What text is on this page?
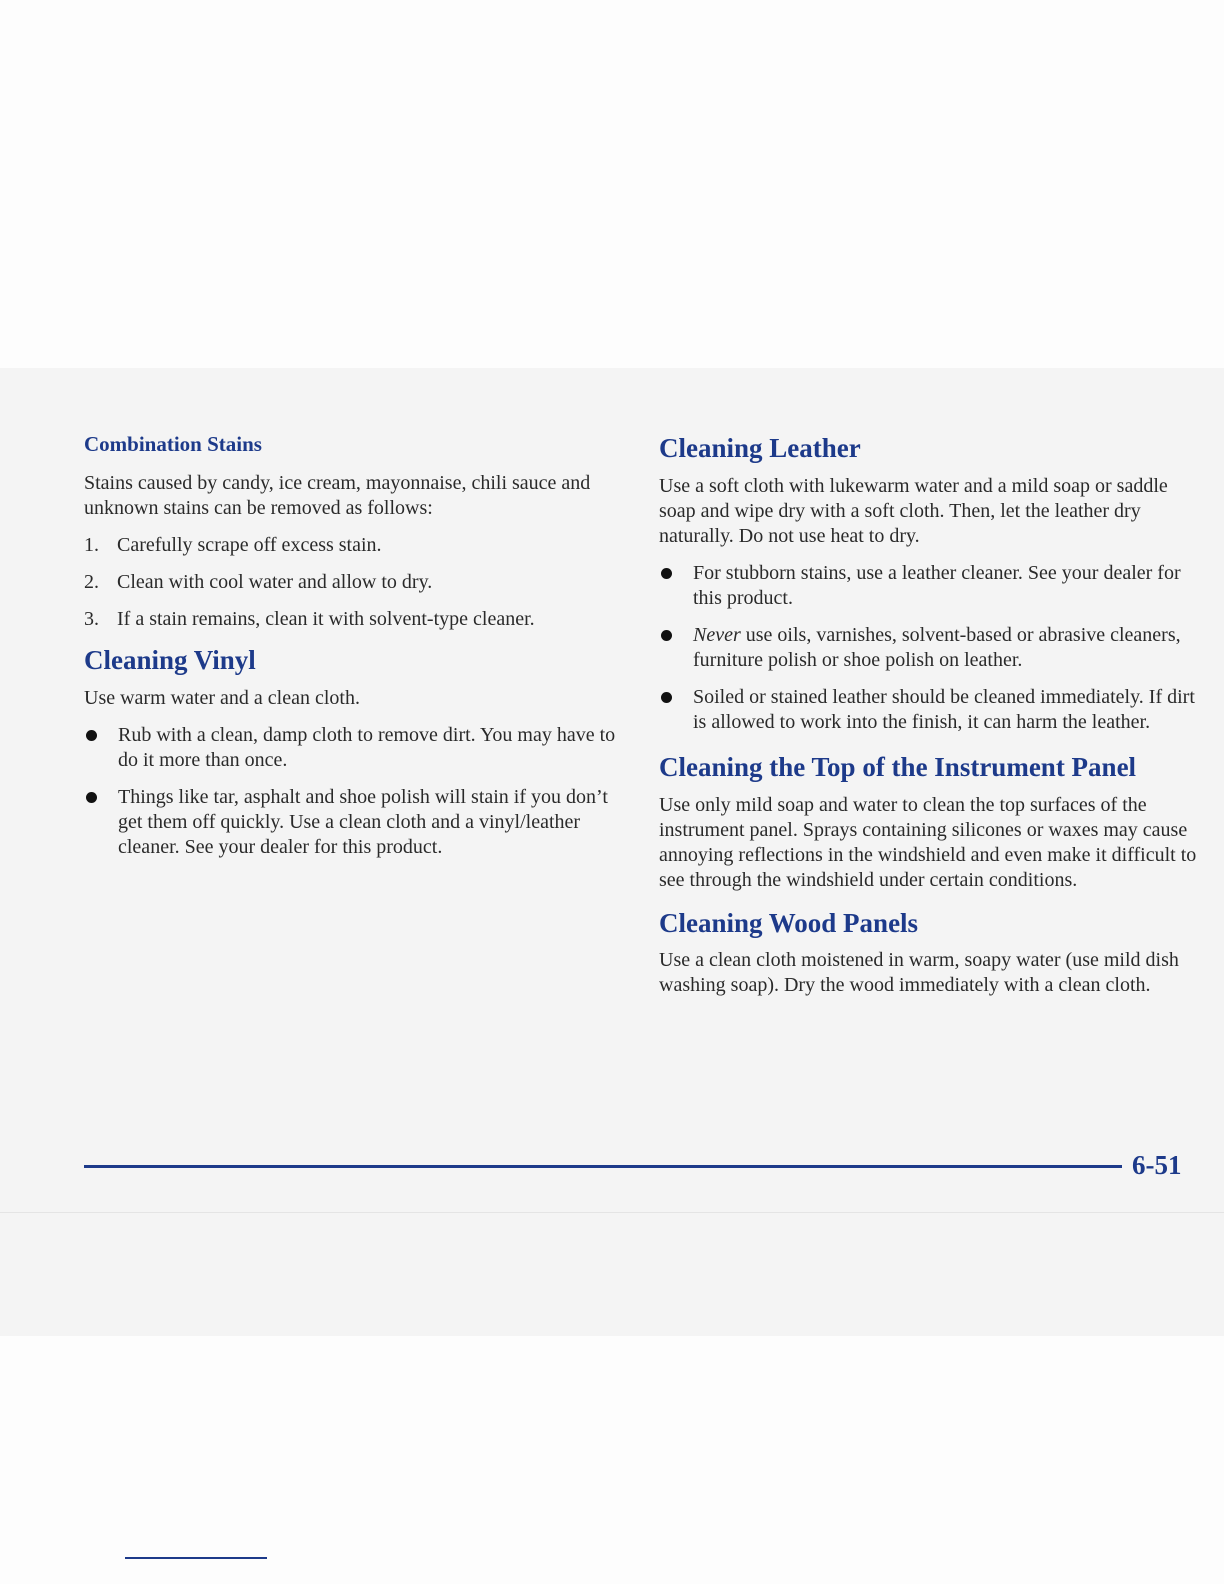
Combination Stains

Stains caused by candy, ice cream, mayonnaise, chili sauce and unknown stains can be removed as follows:

1. Carefully scrape off excess stain.
2. Clean with cool water and allow to dry.
3. If a stain remains, clean it with solvent-type cleaner.
Cleaning Vinyl

Use warm water and a clean cloth.

Rub with a clean, damp cloth to remove dirt. You may have to do it more than once.
Things like tar, asphalt and shoe polish will stain if you don’t get them off quickly. Use a clean cloth and a vinyl/leather cleaner. See your dealer for this product.
Cleaning Leather

Use a soft cloth with lukewarm water and a mild soap or saddle soap and wipe dry with a soft cloth. Then, let the leather dry naturally. Do not use heat to dry.

For stubborn stains, use a leather cleaner. See your dealer for this product.
Never use oils, varnishes, solvent-based or abrasive cleaners, furniture polish or shoe polish on leather.
Soiled or stained leather should be cleaned immediately. If dirt is allowed to work into the finish, it can harm the leather.
Cleaning the Top of the Instrument Panel

Use only mild soap and water to clean the top surfaces of the instrument panel. Sprays containing silicones or waxes may cause annoying reflections in the windshield and even make it difficult to see through the windshield under certain conditions.

Cleaning Wood Panels

Use a clean cloth moistened in warm, soapy water (use mild dish washing soap). Dry the wood immediately with a clean cloth.

6-51
